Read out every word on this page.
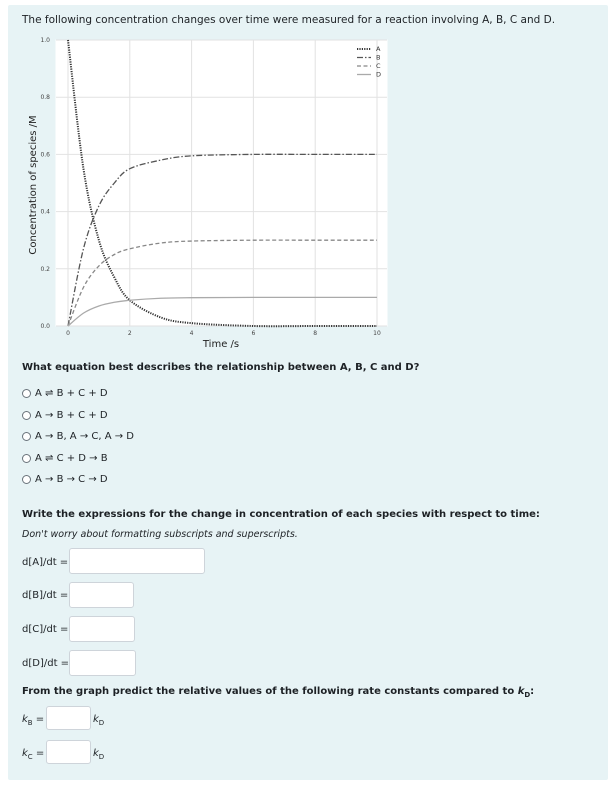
The following concentration changes over time were measured for a reaction involving A, B, C and D.
0	2	4	6	8	10
0.0
0.2
0.4
0.6
0.8
1.0
A
B
C
D
Time /s
Concentration of species /M
What equation best describes the relationship between A, B, C and D?
A ⇌ B + C + D
A → B + C + D
A → B, A → C, A → D
A ⇌ C + D → B
A → B → C → D
Write the expressions for the change in concentration of each species with respect to time:
Don't worry about formatting subscripts and superscripts.
d[A]/dt =
d[B]/dt =
d[C]/dt =
d[D]/dt =
From the graph predict the relative values of the following rate constants compared to $k_D$:
$k_B$ =	$k_D$
$k_C$ =	$k_D$
